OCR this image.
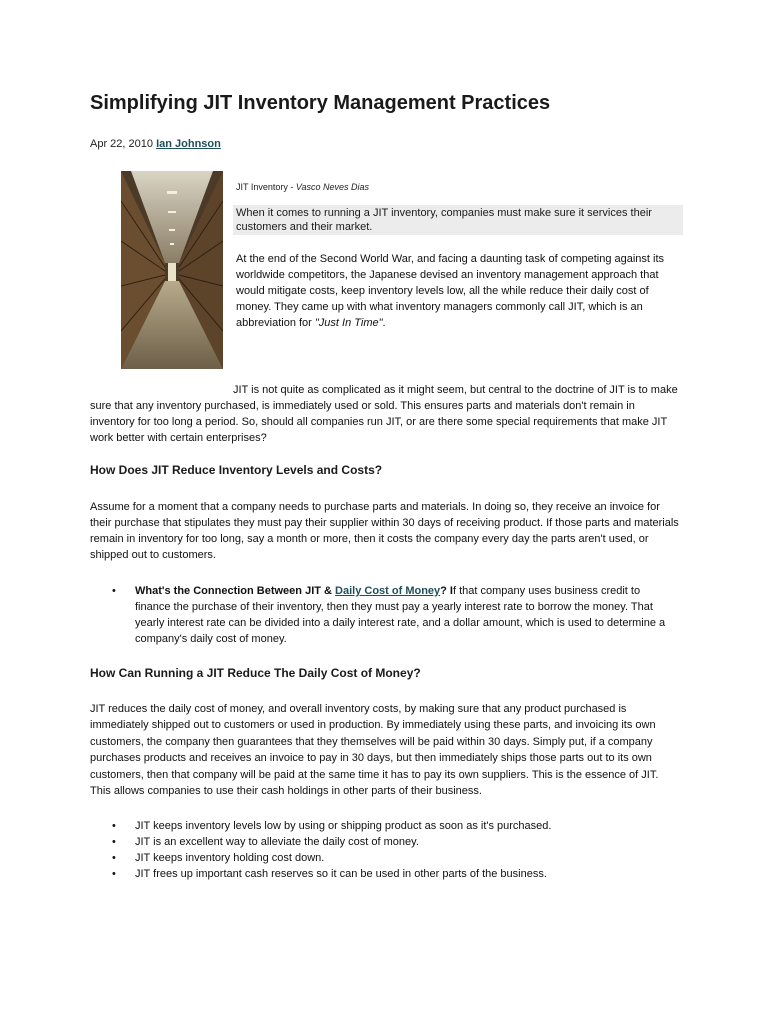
Simplifying JIT Inventory Management Practices
Apr 22, 2010 Ian Johnson
JIT Inventory - Vasco Neves Dias
When it comes to running a JIT inventory, companies must make sure it services their customers and their market.

At the end of the Second World War, and facing a daunting task of competing against its worldwide competitors, the Japanese devised an inventory management approach that would mitigate costs, keep inventory levels low, all the while reduce their daily cost of money. They came up with what inventory managers commonly call JIT, which is an abbreviation for "Just In Time".

JIT is not quite as complicated as it might seem, but central to the doctrine of JIT is to make sure that any inventory purchased, is immediately used or sold. This ensures parts and materials don't remain in inventory for too long a period. So, should all companies run JIT, or are there some special requirements that make JIT work better with certain enterprises?

How Does JIT Reduce Inventory Levels and Costs?

Assume for a moment that a company needs to purchase parts and materials. In doing so, they receive an invoice for their purchase that stipulates they must pay their supplier within 30 days of receiving product. If those parts and materials remain in inventory for too long, say a month or more, then it costs the company every day the parts aren't used, or shipped out to customers.

• What's the Connection Between JIT & Daily Cost of Money? If that company uses business credit to finance the purchase of their inventory, then they must pay a yearly interest rate to borrow the money. That yearly interest rate can be divided into a daily interest rate, and a dollar amount, which is used to determine a company's daily cost of money.
How Can Running a JIT Reduce The Daily Cost of Money?

JIT reduces the daily cost of money, and overall inventory costs, by making sure that any product purchased is immediately shipped out to customers or used in production. By immediately using these parts, and invoicing its own customers, the company then guarantees that they themselves will be paid within 30 days. Simply put, if a company purchases products and receives an invoice to pay in 30 days, but then immediately ships those parts out to its own customers, then that company will be paid at the same time it has to pay its own suppliers. This is the essence of JIT. This allows companies to use their cash holdings in other parts of their business.

• JIT keeps inventory levels low by using or shipping product as soon as it's purchased.
• JIT is an excellent way to alleviate the daily cost of money.
• JIT keeps inventory holding cost down.
• JIT frees up important cash reserves so it can be used in other parts of the business.
